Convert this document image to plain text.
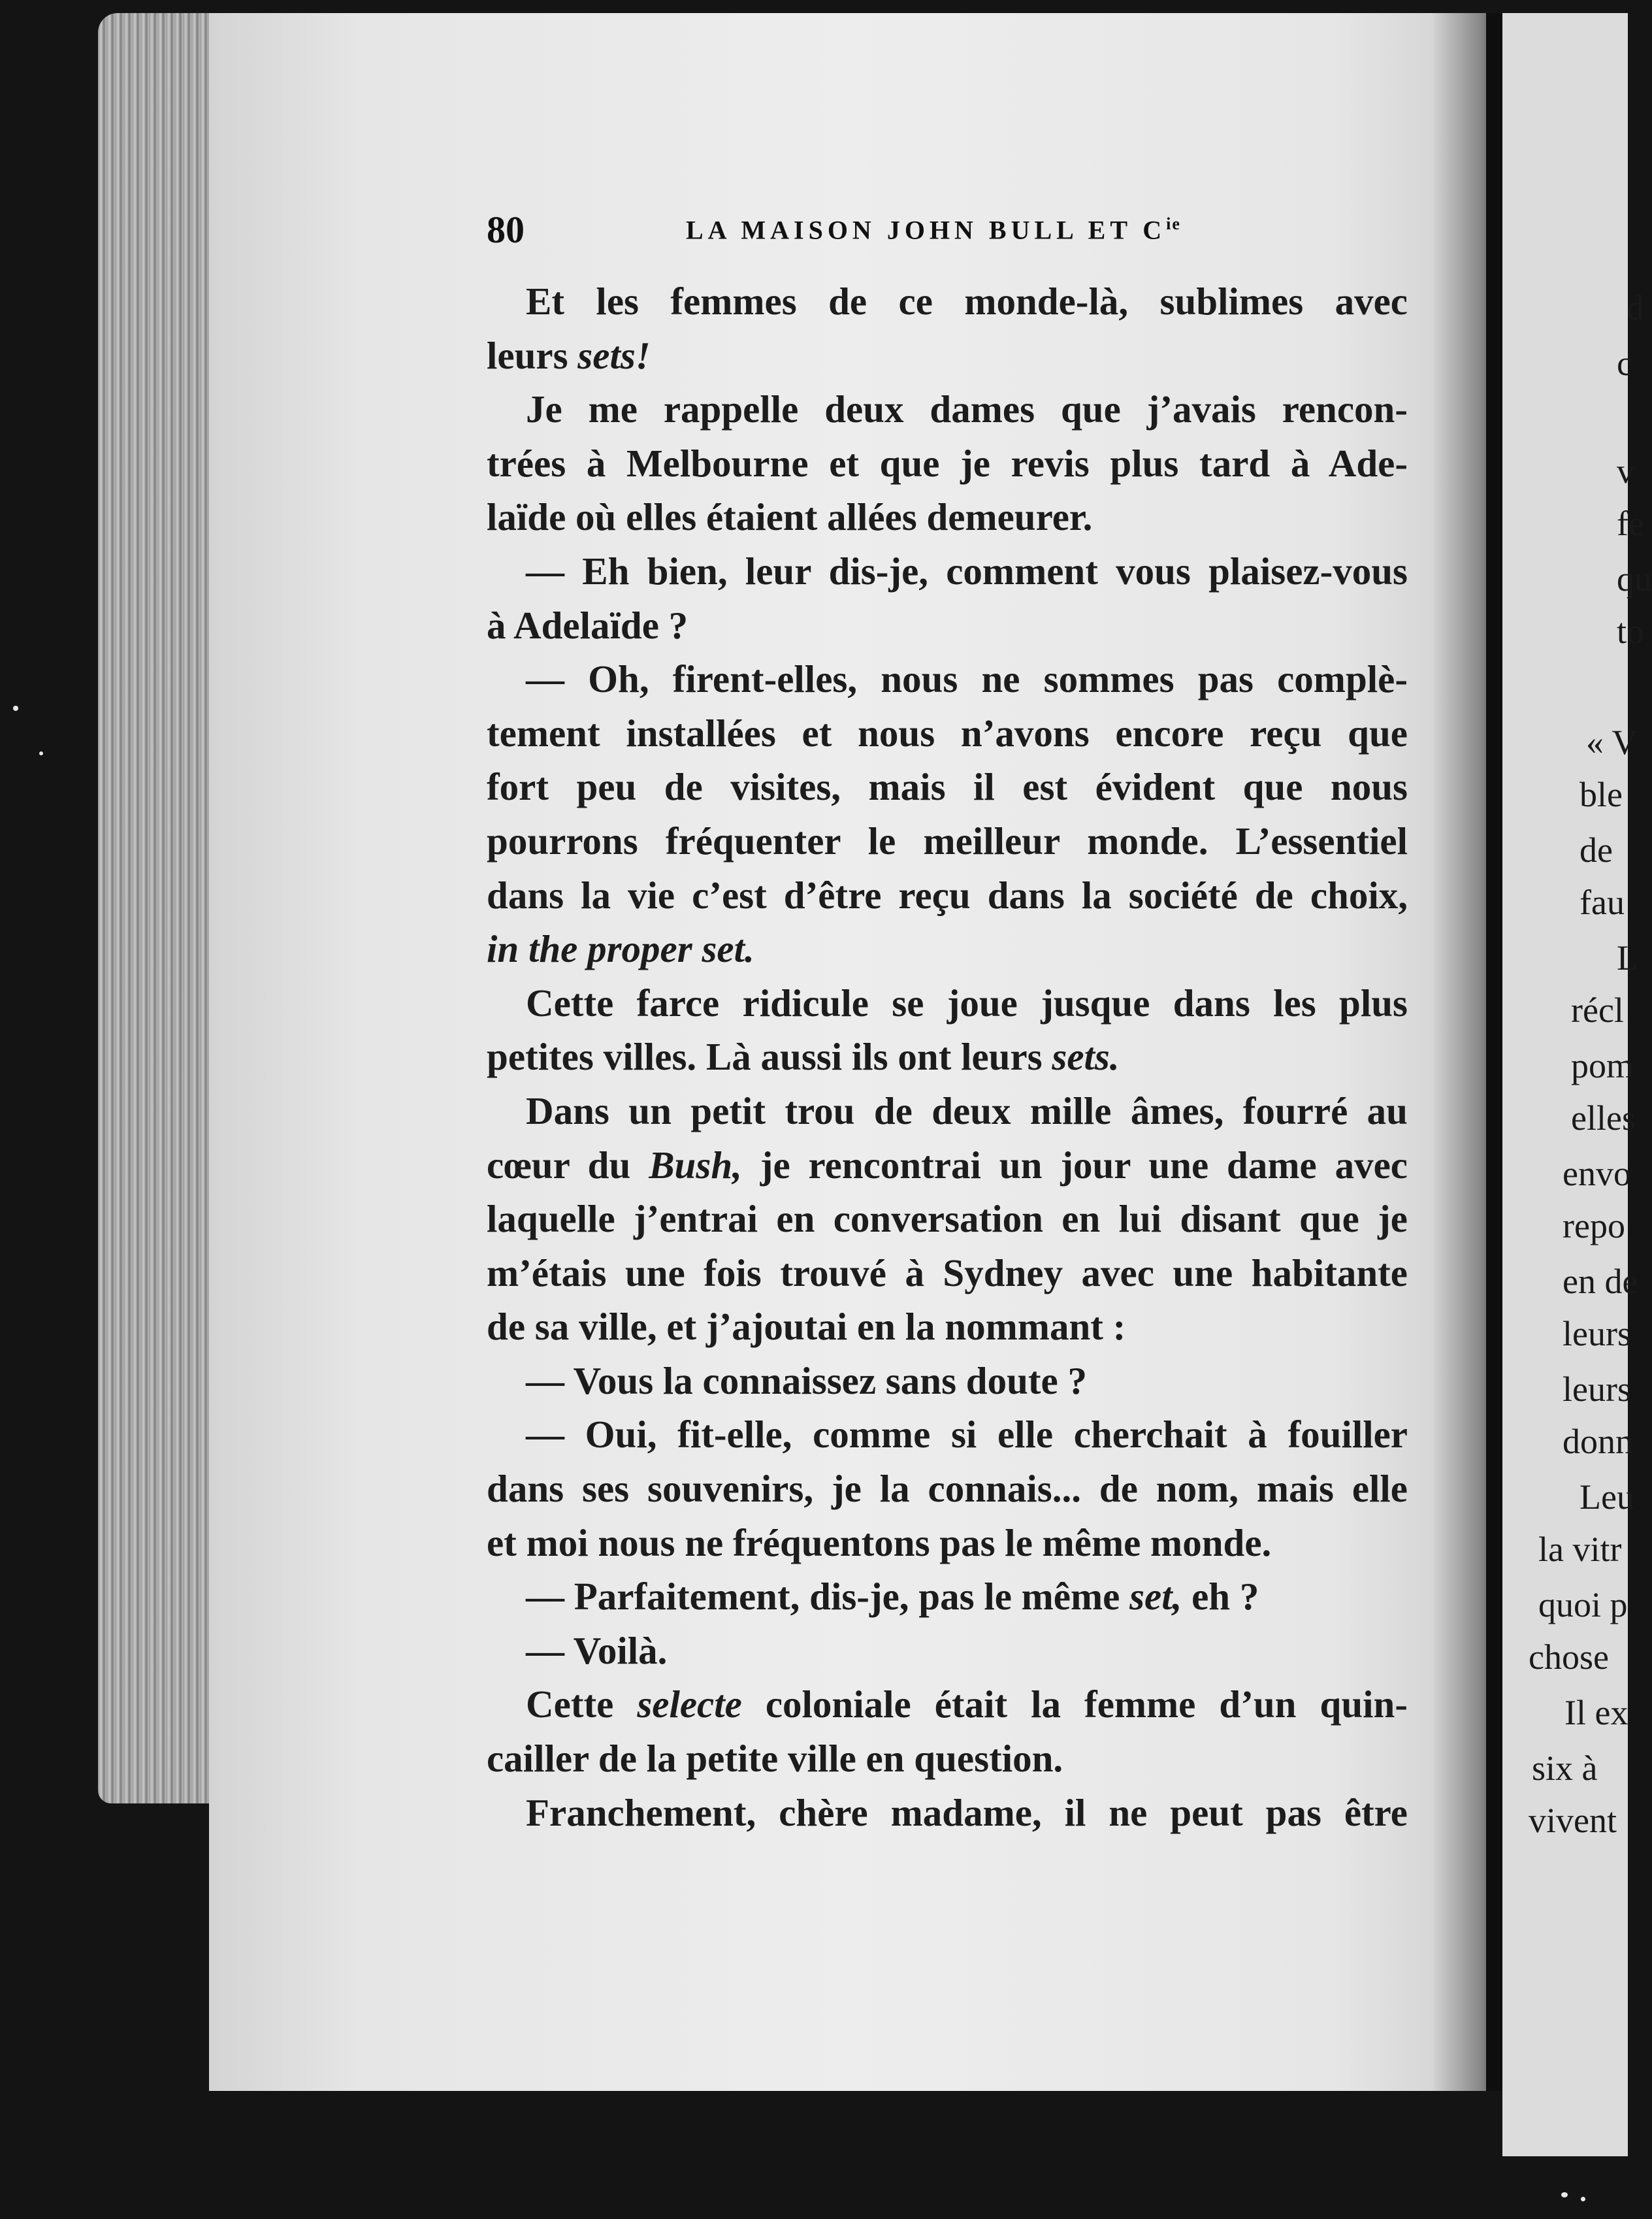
d
c
v
fe
qu
to
« V
ble
de
fau
L
récl
pom
elles
envo
repo
en de
leurs
leurs
donn
Leu
la vitr
quoi p
chose
Il ex
six à
vivent
80	LA MAISON JOHN BULL ET $C^{ie}$
Et les femmes de ce monde-là, sublimes avec
leurs sets!
Je me rappelle deux dames que j’avais rencon-
trées à Melbourne et que je revis plus tard à Ade-
laïde où elles étaient allées demeurer.
— Eh bien, leur dis-je, comment vous plaisez-vous
à Adelaïde ?
— Oh, firent-elles, nous ne sommes pas complè-
tement installées et nous n’avons encore reçu que
fort peu de visites, mais il est évident que nous
pourrons fréquenter le meilleur monde. L’essentiel
dans la vie c’est d’être reçu dans la société de choix,
in the proper set.
Cette farce ridicule se joue jusque dans les plus
petites villes. Là aussi ils ont leurs sets.
Dans un petit trou de deux mille âmes, fourré au
cœur du Bush, je rencontrai un jour une dame avec
laquelle j’entrai en conversation en lui disant que je
m’étais une fois trouvé à Sydney avec une habitante
de sa ville, et j’ajoutai en la nommant :
— Vous la connaissez sans doute ?
— Oui, fit-elle, comme si elle cherchait à fouiller
dans ses souvenirs, je la connais... de nom, mais elle
et moi nous ne fréquentons pas le même monde.
— Parfaitement, dis-je, pas le même set, eh ?
— Voilà.
Cette selecte coloniale était la femme d’un quin-
cailler de la petite ville en question.
Franchement, chère madame, il ne peut pas être
